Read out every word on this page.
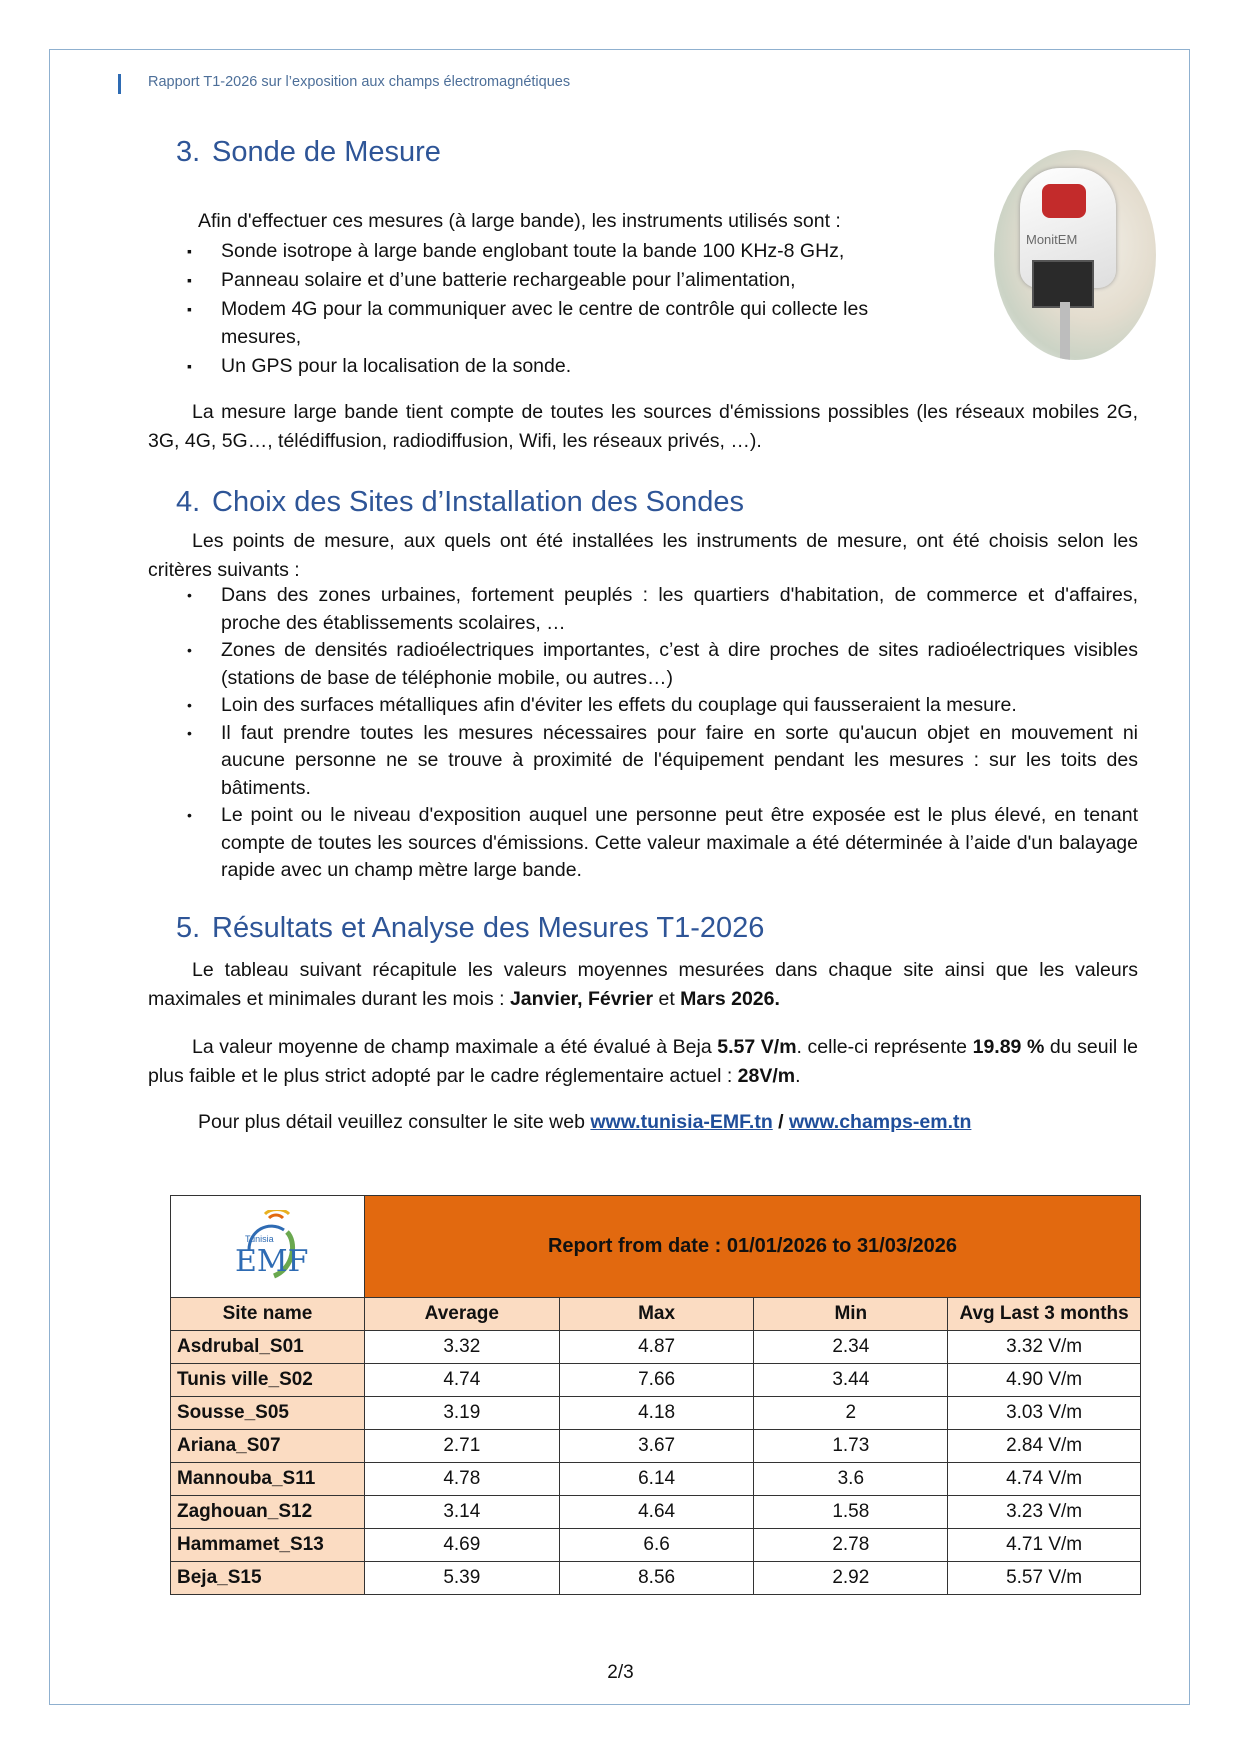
Rapport T1-2026 sur l’exposition aux champs électromagnétiques
3. Sonde de Mesure
Afin d'effectuer ces mesures (à large bande), les instruments utilisés sont :
▪ Sonde isotrope à large bande englobant toute la bande 100 KHz-8 GHz,
▪ Panneau solaire et d’une batterie rechargeable pour l’alimentation,
▪ Modem 4G pour la communiquer avec le centre de contrôle qui collecte les mesures,
▪ Un GPS pour la localisation de la sonde.
MonitEM
La mesure large bande tient compte de toutes les sources d'émissions possibles (les réseaux mobiles 2G, 3G, 4G, 5G…, télédiffusion, radiodiffusion, Wifi, les réseaux privés, …).
4. Choix des Sites d’Installation des Sondes
Les points de mesure, aux quels ont été installées les instruments de mesure, ont été choisis selon les critères suivants :
• Dans des zones urbaines, fortement peuplés : les quartiers d'habitation, de commerce et d'affaires, proche des établissements scolaires, …
• Zones de densités radioélectriques importantes, c’est à dire proches de sites radioélectriques visibles (stations de base de téléphonie mobile, ou autres…)
• Loin des surfaces métalliques afin d'éviter les effets du couplage qui fausseraient la mesure.
• Il faut prendre toutes les mesures nécessaires pour faire en sorte qu'aucun objet en mouvement ni aucune personne ne se trouve à proximité de l'équipement pendant les mesures : sur les toits des bâtiments.
• Le point ou le niveau d'exposition auquel une personne peut être exposée est le plus élevé, en tenant compte de toutes les sources d'émissions. Cette valeur maximale a été déterminée à l’aide d'un balayage rapide avec un champ mètre large bande.
5. Résultats et Analyse des Mesures T1-2026
Le tableau suivant récapitule les valeurs moyennes mesurées dans chaque site ainsi que les valeurs maximales et minimales durant les mois : Janvier, Février et Mars 2026.
La valeur moyenne de champ maximale a été évalué à Beja 5.57 V/m. celle-ci représente 19.89 % du seuil le plus faible et le plus strict adopté par le cadre réglementaire actuel : 28V/m.
Pour plus détail veuillez consulter le site web www.tunisia-EMF.tn / www.champs-em.tn
Tunisia
EMF	Report from date : 01/01/2026 to 31/03/2026
Site name	Average	Max	Min	Avg Last 3 months
Asdrubal_S01	3.32	4.87	2.34	3.32 V/m
Tunis ville_S02	4.74	7.66	3.44	4.90 V/m
Sousse_S05	3.19	4.18	2	3.03 V/m
Ariana_S07	2.71	3.67	1.73	2.84 V/m
Mannouba_S11	4.78	6.14	3.6	4.74 V/m
Zaghouan_S12	3.14	4.64	1.58	3.23 V/m
Hammamet_S13	4.69	6.6	2.78	4.71 V/m
Beja_S15	5.39	8.56	2.92	5.57 V/m
2/3
